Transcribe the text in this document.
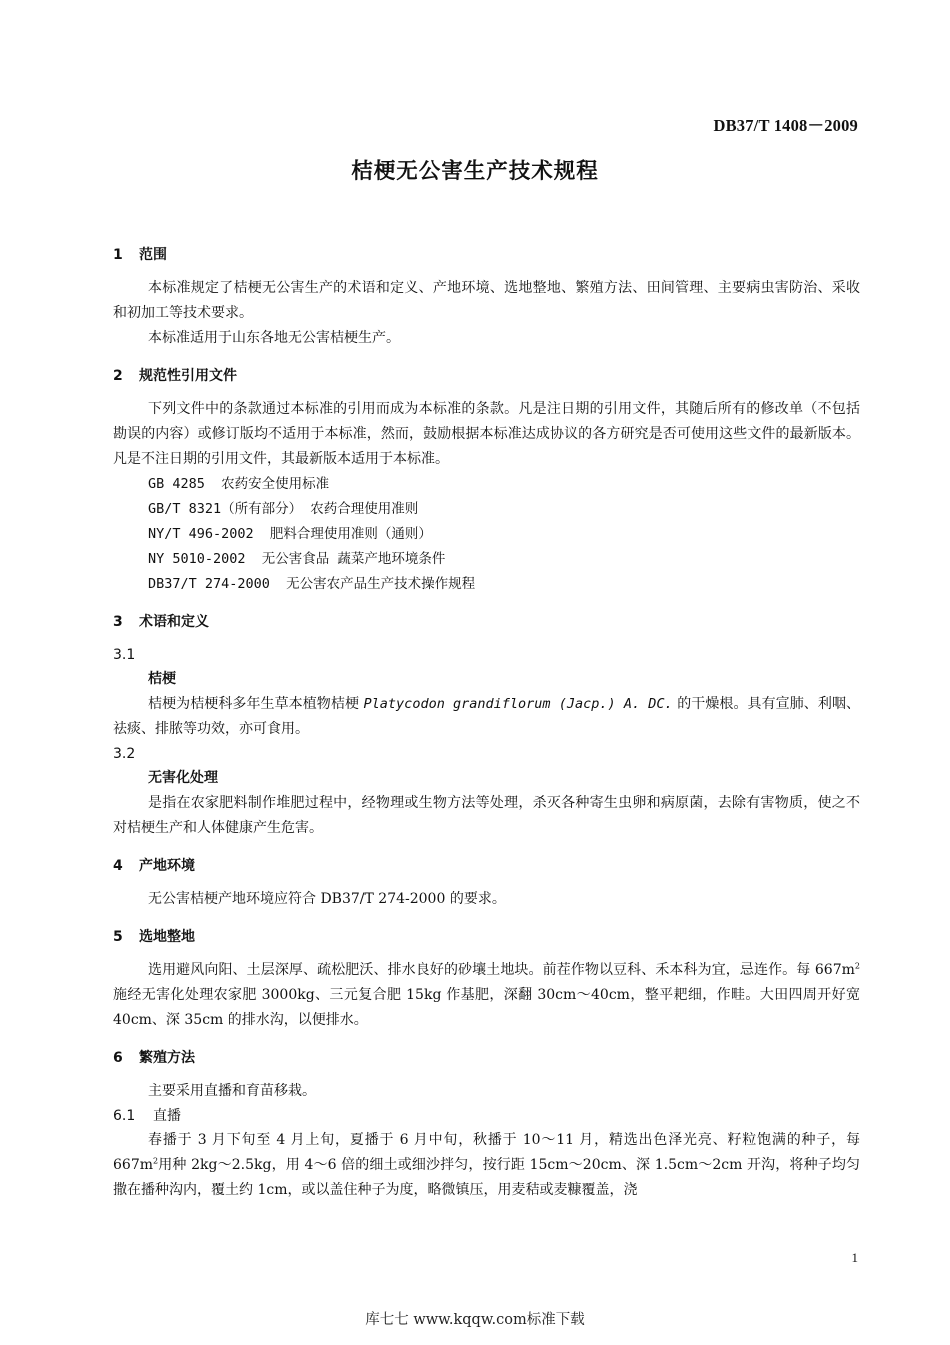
DB37/T 1408－2009
桔梗无公害生产技术规程
1 范围

本标准规定了桔梗无公害生产的术语和定义、产地环境、选地整地、繁殖方法、田间管理、主要病虫害防治、采收和初加工等技术要求。

本标准适用于山东各地无公害桔梗生产。

2 规范性引用文件

下列文件中的条款通过本标准的引用而成为本标准的条款。凡是注日期的引用文件，其随后所有的修改单（不包括勘误的内容）或修订版均不适用于本标准，然而，鼓励根据本标准达成协议的各方研究是否可使用这些文件的最新版本。凡是不注日期的引用文件，其最新版本适用于本标准。

GB 4285  农药安全使用标准
GB/T 8321（所有部分） 农药合理使用准则
NY/T 496-2002  肥料合理使用准则（通则）
NY 5010-2002  无公害食品 蔬菜产地环境条件
DB37/T 274-2000  无公害农产品生产技术操作规程
3 术语和定义
3.1
桔梗

桔梗为桔梗科多年生草本植物桔梗 Platycodon grandiflorum (Jacp.) A. DC. 的干燥根。具有宣肺、利咽、祛痰、排脓等功效，亦可食用。

3.2
无害化处理

是指在农家肥料制作堆肥过程中，经物理或生物方法等处理，杀灭各种寄生虫卵和病原菌，去除有害物质，使之不对桔梗生产和人体健康产生危害。

4 产地环境

无公害桔梗产地环境应符合 DB37/T 274-2000 的要求。

5 选地整地

选用避风向阳、土层深厚、疏松肥沃、排水良好的砂壤土地块。前茬作物以豆科、禾本科为宜，忌连作。每 $667m^2$施经无害化处理农家肥 3000kg、三元复合肥 15kg 作基肥，深翻 30cm～40cm，整平耙细，作畦。大田四周开好宽 40cm、深 35cm 的排水沟，以便排水。

6 繁殖方法

主要采用直播和育苗移栽。

6.1 直播

春播于 3 月下旬至 4 月上旬，夏播于 6 月中旬，秋播于 10～11 月，精选出色泽光亮、籽粒饱满的种子，每 $667m^2$用种 2kg～2.5kg，用 4～6 倍的细土或细沙拌匀，按行距 15cm～20cm、深 1.5cm～2cm 开沟，将种子均匀撒在播种沟内，覆土约 1cm，或以盖住种子为度，略微镇压，用麦秸或麦糠覆盖，浇

1
库七七 www.kqqw.com标准下载
